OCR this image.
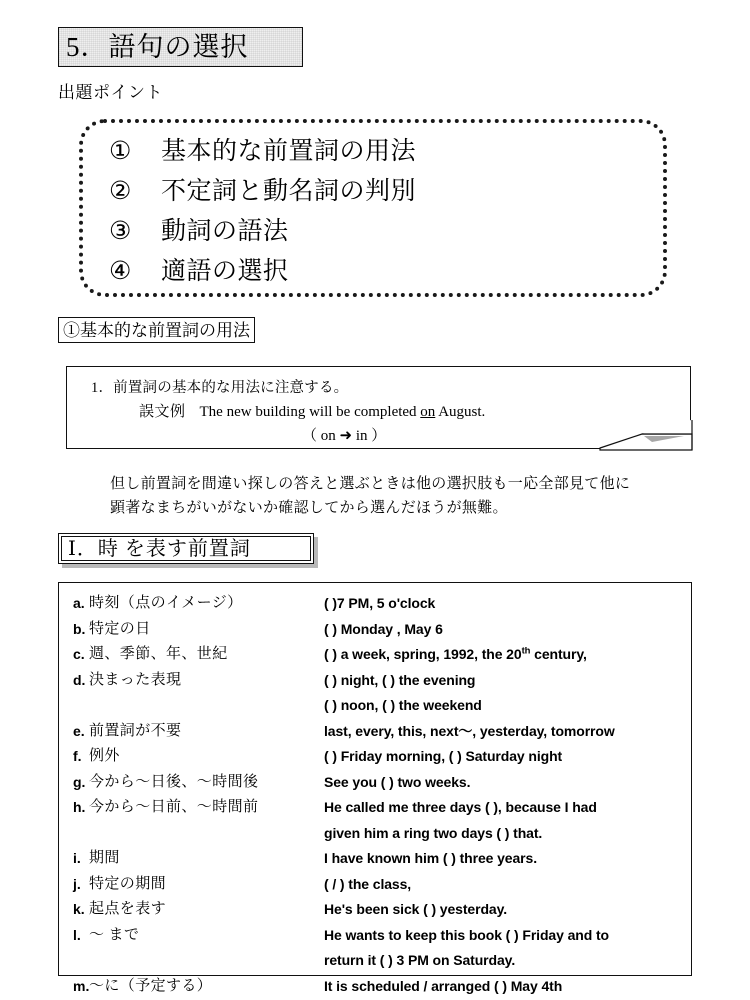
5．語句の選択
出題ポイント
① 基本的な前置詞の用法
② 不定詞と動名詞の判別
③ 動詞の語法
④ 適語の選択
①基本的な前置詞の用法
1．前置詞の基本的な用法に注意する。
誤文例 The new building will be completed on August.
（ on ➜ in ）
但し前置詞を間違い探しの答えと選ぶときは他の選択肢も一応全部見て他に
顕著なまちがいがないか確認してから選んだほうが無難。
Ⅰ．時 を表す前置詞
a. 時刻（点のイメージ）	( )7 PM, 5 o'clock
b. 特定の日	( ) Monday , May 6
c. 週、季節、年、世紀	( ) a week, spring, 1992, the 20th century,
d. 決まった表現	( ) night, ( ) the evening
( ) noon, ( ) the weekend
e. 前置詞が不要	last, every, this, next〜, yesterday, tomorrow
f. 例外	( ) Friday morning, ( ) Saturday night
g. 今から〜日後、〜時間後	See you ( ) two weeks.
h. 今から〜日前、〜時間前	He called me three days ( ), because I had
given him a ring two days ( ) that.
i. 期間	I have known him ( ) three years.
j. 特定の期間	( / ) the class,
k. 起点を表す	He's been sick ( ) yesterday.
l. 〜 まで	He wants to keep this book ( ) Friday and to
return it ( ) 3 PM on Saturday.
m. 〜に（予定する）	It is scheduled / arranged ( ) May 4th
